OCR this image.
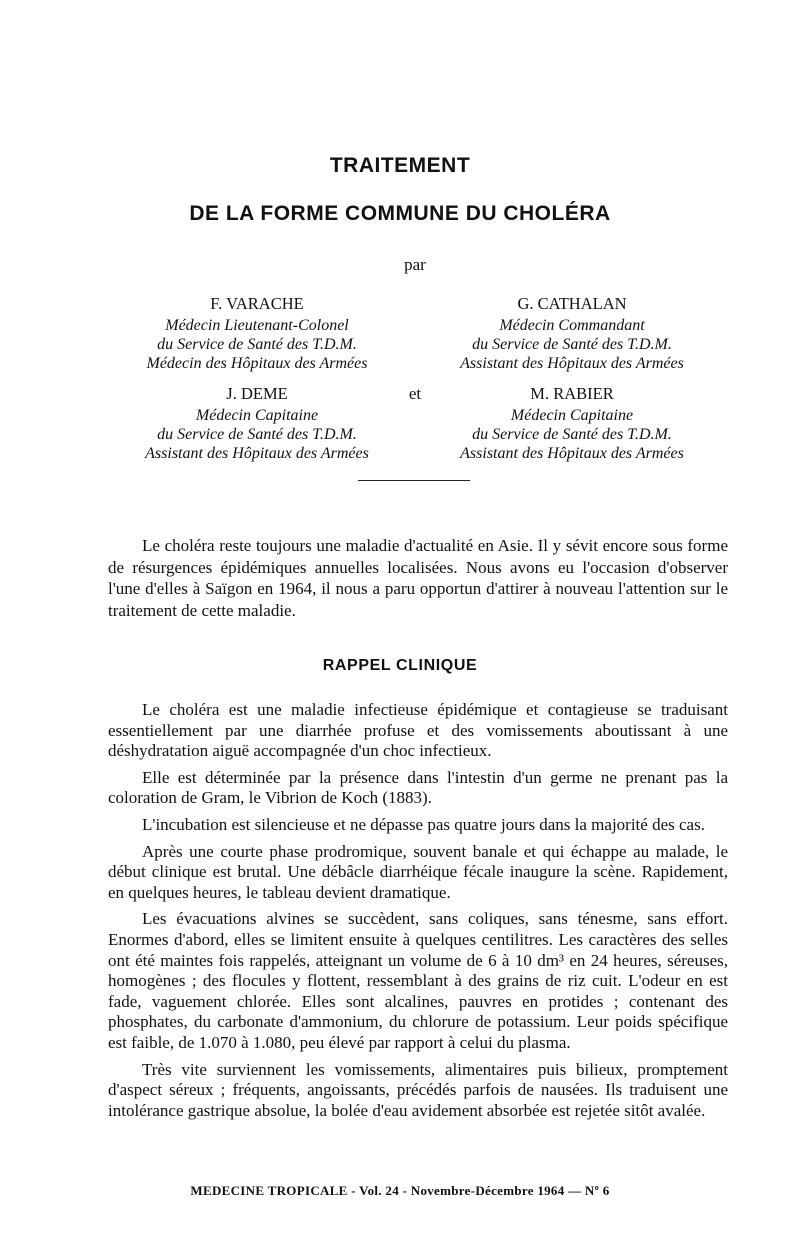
TRAITEMENT
DE LA FORME COMMUNE DU CHOLÉRA
par
F. VARACHE
Médecin Lieutenant-Colonel
du Service de Santé des T.D.M.
Médecin des Hôpitaux des Armées
G. CATHALAN
Médecin Commandant
du Service de Santé des T.D.M.
Assistant des Hôpitaux des Armées
et
J. DEME
Médecin Capitaine
du Service de Santé des T.D.M.
Assistant des Hôpitaux des Armées
M. RABIER
Médecin Capitaine
du Service de Santé des T.D.M.
Assistant des Hôpitaux des Armées

Le choléra reste toujours une maladie d'actualité en Asie. Il y sévit encore sous forme de résurgences épidémiques annuelles localisées. Nous avons eu l'occasion d'observer l'une d'elles à Saïgon en 1964, il nous a paru opportun d'attirer à nouveau l'attention sur le traitement de cette maladie.

RAPPEL CLINIQUE

Le choléra est une maladie infectieuse épidémique et contagieuse se traduisant essentiellement par une diarrhée profuse et des vomissements aboutissant à une déshydratation aiguë accompagnée d'un choc infectieux.

Elle est déterminée par la présence dans l'intestin d'un germe ne prenant pas la coloration de Gram, le Vibrion de Koch (1883).

L'incubation est silencieuse et ne dépasse pas quatre jours dans la majorité des cas.

Après une courte phase prodromique, souvent banale et qui échappe au malade, le début clinique est brutal. Une débâcle diarrhéique fécale inaugure la scène. Rapidement, en quelques heures, le tableau devient dramatique.

Les évacuations alvines se succèdent, sans coliques, sans ténesme, sans effort. Enormes d'abord, elles se limitent ensuite à quelques centilitres. Les caractères des selles ont été maintes fois rappelés, atteignant un volume de 6 à 10 dm³ en 24 heures, séreuses, homogènes ; des flocules y flottent, ressemblant à des grains de riz cuit. L'odeur en est fade, vaguement chlorée. Elles sont alcalines, pauvres en protides ; contenant des phosphates, du carbonate d'ammonium, du chlorure de potassium. Leur poids spécifique est faible, de 1.070 à 1.080, peu élevé par rapport à celui du plasma.

Très vite surviennent les vomissements, alimentaires puis bilieux, promptement d'aspect séreux ; fréquents, angoissants, précédés parfois de nausées. Ils traduisent une intolérance gastrique absolue, la bolée d'eau avidement absorbée est rejetée sitôt avalée.

MEDECINE TROPICALE - Vol. 24 - Novembre-Décembre 1964 — Nº 6
